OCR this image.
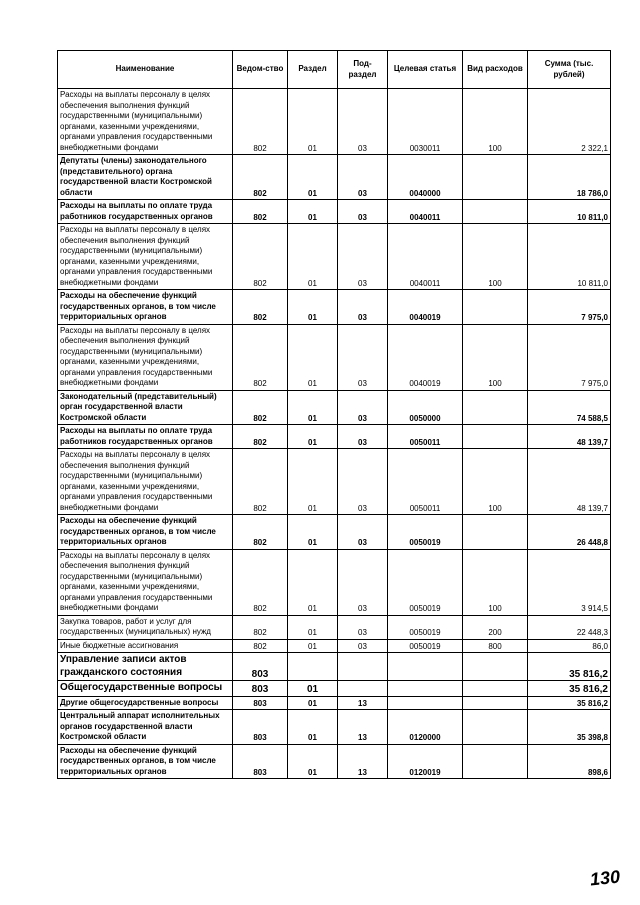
Наименование	Ведом-ство	Раздел	Под-раздел	Целевая статья	Вид расходов	Сумма (тыс. рублей)
Расходы на выплаты персоналу в целях обеспечения выполнения функций государственными (муниципальными) органами, казенными учреждениями, органами управления государственными внебюджетными фондами	802	01	03	0030011	100	2 322,1
Депутаты (члены) законодательного (представительного) органа государственной власти Костромской области	802	01	03	0040000		18 786,0
Расходы на выплаты по оплате труда работников государственных органов	802	01	03	0040011		10 811,0
Расходы на выплаты персоналу в целях обеспечения выполнения функций государственными (муниципальными) органами, казенными учреждениями, органами управления государственными внебюджетными фондами	802	01	03	0040011	100	10 811,0
Расходы на обеспечение функций государственных органов, в том числе территориальных органов	802	01	03	0040019		7 975,0
Расходы на выплаты персоналу в целях обеспечения выполнения функций государственными (муниципальными) органами, казенными учреждениями, органами управления государственными внебюджетными фондами	802	01	03	0040019	100	7 975,0
Законодательный (представительный) орган государственной власти Костромской области	802	01	03	0050000		74 588,5
Расходы на выплаты по оплате труда работников государственных органов	802	01	03	0050011		48 139,7
Расходы на выплаты персоналу в целях обеспечения выполнения функций государственными (муниципальными) органами, казенными учреждениями, органами управления государственными внебюджетными фондами	802	01	03	0050011	100	48 139,7
Расходы на обеспечение функций государственных органов, в том числе территориальных органов	802	01	03	0050019		26 448,8
Расходы на выплаты персоналу в целях обеспечения выполнения функций государственными (муниципальными) органами, казенными учреждениями, органами управления государственными внебюджетными фондами	802	01	03	0050019	100	3 914,5
Закупка товаров, работ и услуг для государственных (муниципальных) нужд	802	01	03	0050019	200	22 448,3
Иные бюджетные ассигнования	802	01	03	0050019	800	86,0
Управление записи актов гражданского состояния	803					35 816,2
Общегосударственные вопросы	803	01				35 816,2
Другие общегосударственные вопросы	803	01	13			35 816,2
Центральный аппарат исполнительных органов государственной власти Костромской области	803	01	13	0120000		35 398,8
Расходы на обеспечение функций государственных органов, в том числе территориальных органов	803	01	13	0120019		898,6
130
